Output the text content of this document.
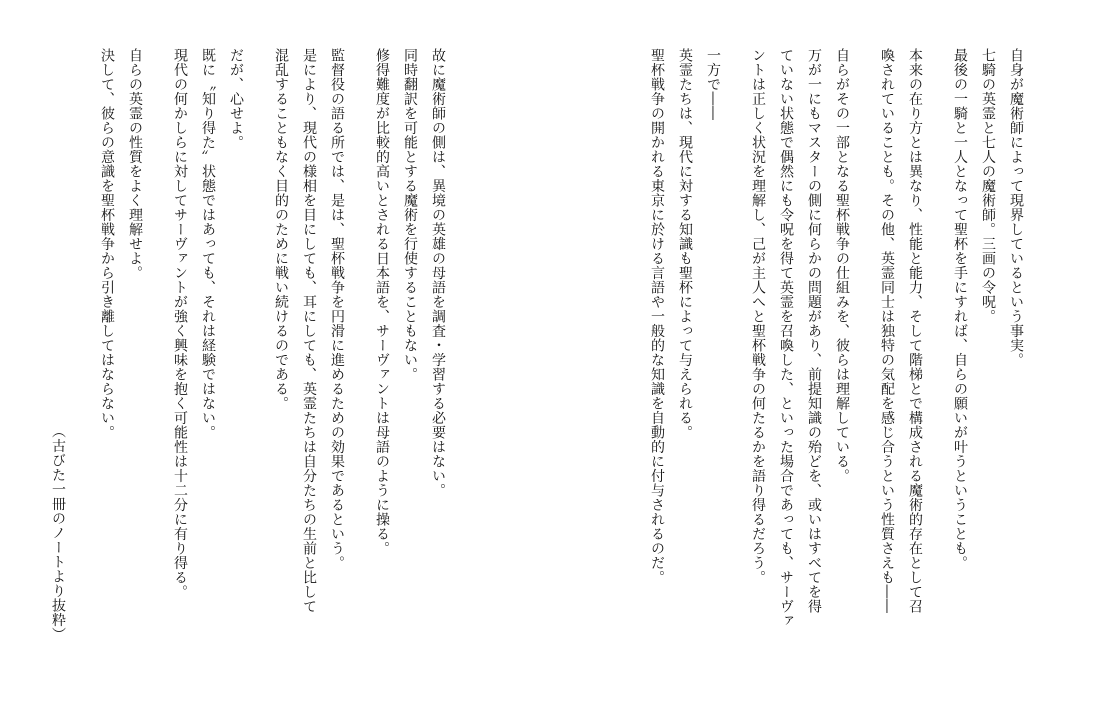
自身が魔術師によって現界しているという事実。
七騎の英霊と七人の魔術師。三画の令呪。
最後の一騎と一人となって聖杯を手にすれば、自らの願いが叶うということも。
本来の在り方とは異なり、性能と能力、そして階梯とで構成される魔術的存在として召
喚されていることも。その他、英霊同士は独特の気配を感じ合うという性質さえも――
自らがその一部となる聖杯戦争の仕組みを、彼らは理解している。
万が一にもマスターの側に何らかの問題があり、前提知識の殆どを、或いはすべてを得
ていない状態で偶然にも令呪を得て英霊を召喚した、といった場合であっても、サーヴァ
ントは正しく状況を理解し、己が主人へと聖杯戦争の何たるかを語り得るだろう。
一方で――
英霊たちは、現代に対する知識も聖杯によって与えられる。
聖杯戦争の開かれる東京に於ける言語や一般的な知識を自動的に付与されるのだ。
故に魔術師の側は、異境の英雄の母語を調査・学習する必要はない。
同時翻訳を可能とする魔術を行使することもない。
修得難度が比較的高いとされる日本語を、サーヴァントは母語のように操る。
監督役の語る所では、是は、聖杯戦争を円滑に進めるための効果であるという。
是により、現代の様相を目にしても、耳にしても、英霊たちは自分たちの生前と比して
混乱することもなく目的のために戦い続けるのである。
だが、心せよ。
既に〝知り得た〟状態ではあっても、それは経験ではない。
現代の何かしらに対してサーヴァントが強く興味を抱く可能性は十二分に有り得る。
自らの英霊の性質をよく理解せよ。
決して、彼らの意識を聖杯戦争から引き離してはならない。
（古びた一冊のノートより抜粋）
